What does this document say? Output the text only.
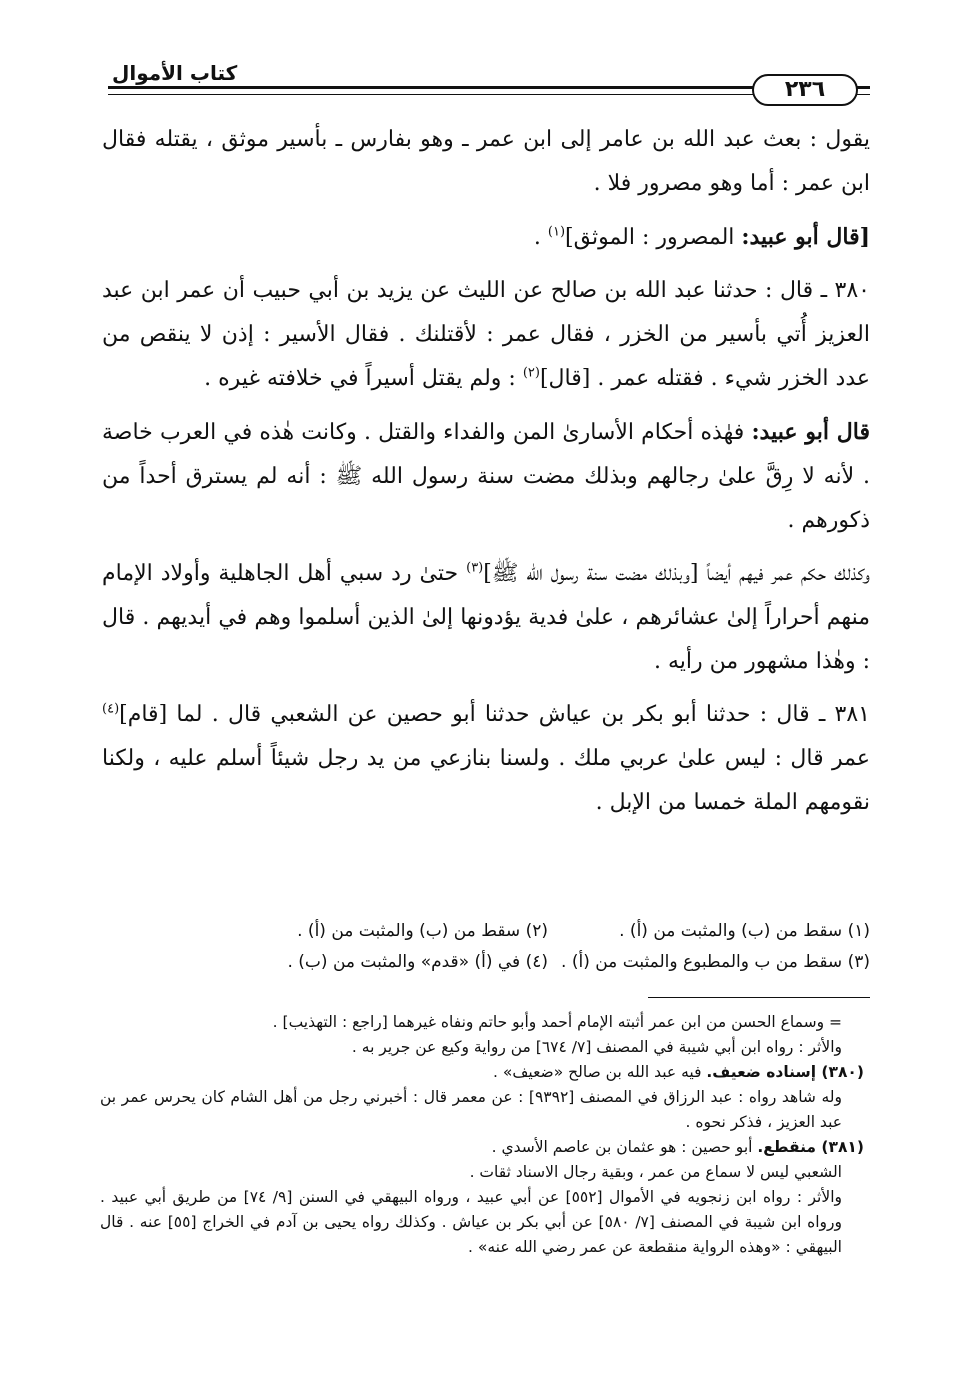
كتاب الأموال
٢٣٦

يقول : بعث عبد الله بن عامر إلى ابن عمر ـ وهو بفارس ـ بأسير موثق ، يقتله فقال ابن عمر : أما وهو مصرور فلا .

[قال أبو عبيد: المصرور : الموثق]$^{(١)}$ .

٣٨٠ ـ قال : حدثنا عبد الله بن صالح عن الليث عن يزيد بن أبي حبيب أن عمر ابن عبد العزيز أُتي بأسير من الخزر ، فقال عمر : لأقتلنك . فقال الأسير : إذن لا ينقص من عدد الخزر شيء . فقتله عمر . [قال]$^{(٢)}$ : ولم يقتل أسيراً في خلافته غيره .

قال أبو عبيد: فهٰذه أحكام الأسارىٰ المن والفداء والقتل . وكانت هٰذه في العرب خاصة . لأنه لا رِقَّ علىٰ رجالهم وبذلك مضت سنة رسول الله ﷺ : أنه لم يسترق أحداً من ذكورهم .

وكذلك حكم عمر فيهم أيضاً [وبذلك مضت سنة رسول الله ﷺ]$^{(٣)}$ حتىٰ رد سبي أهل الجاهلية وأولاد الإمام منهم أحراراً إلىٰ عشائرهم ، علىٰ فدية يؤدونها إلىٰ الذين أسلموا وهم في أيديهم . قال : وهٰذا مشهور من رأيه .

٣٨١ ـ قال : حدثنا أبو بكر بن عياش حدثنا أبو حصين عن الشعبي قال . لما [قام]$^{(٤)}$ عمر قال : ليس علىٰ عربي ملك . ولسنا بنازعي من يد رجل شيئاً أسلم عليه ، ولكنا نقومهم الملة خمسا من الإبل .

(١) سقط من (ب) والمثبت من (أ) .
(٢) سقط من (ب) والمثبت من (أ) .
(٣) سقط من ب والمطبوع والمثبت من (أ) .
(٤) في (أ) «قدم» والمثبت من (ب) .

= وسماع الحسن من ابن عمر أثبته الإمام أحمد وأبو حاتم ونفاه غيرهما [راجع : التهذيب] .

والأثر : رواه ابن أبي شيبة في المصنف [٧/ ٦٧٤] من رواية وكيع عن جرير به .

(٣٨٠) إسناده ضعيف. فيه عبد الله بن صالح «ضعيف» .

وله شاهد رواه : عبد الرزاق في المصنف [٩٣٩٢] : عن معمر قال : أخبرني رجل من أهل الشام كان يحرس عمر بن عبد العزيز ، فذكر نحوه .

(٣٨١) منقطع. أبو حصين : هو عثمان بن عاصم الأسدي .

الشعبي ليس لا سماع من عمر ، وبقية رجال الاسناد ثقات .

والأثر : رواه ابن زنجويه في الأموال [٥٥٢] عن أبي عبيد ، ورواه البيهقي في السنن [٩/ ٧٤] من طريق أبي عبيد . ورواه ابن شيبة في المصنف [٧/ ٥٨٠] عن أبي بكر بن عياش . وكذلك رواه يحيى بن آدم في الخراج [٥٥] عنه . قال البيهقي : «وهذه الرواية منقطعة عن عمر رضي الله عنه» .
